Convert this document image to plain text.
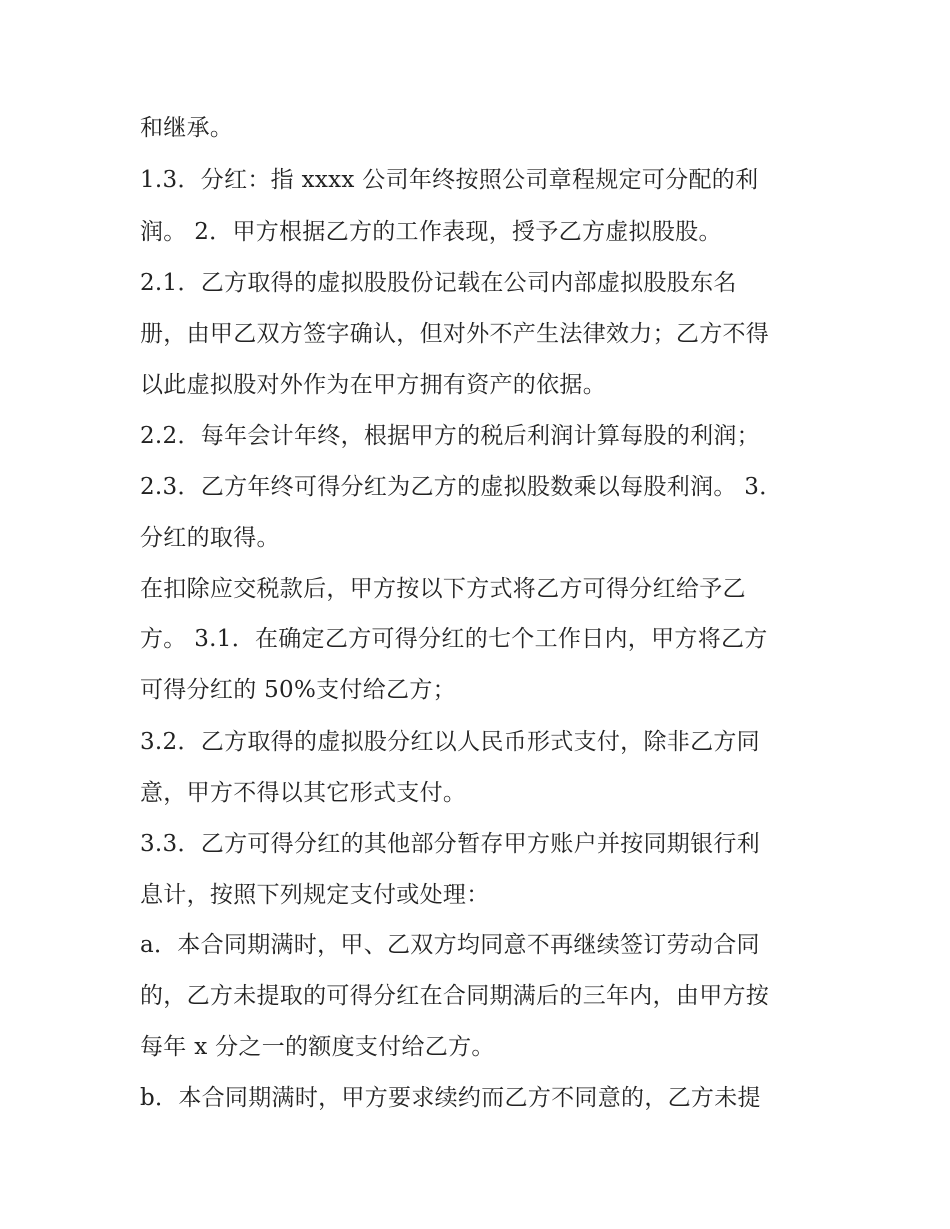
和继承。

1.3．分红：指 xxxx 公司年终按照公司章程规定可分配的利

润。 2．甲方根据乙方的工作表现，授予乙方虚拟股股。

2.1．乙方取得的虚拟股股份记载在公司内部虚拟股股东名

册，由甲乙双方签字确认，但对外不产生法律效力；乙方不得

以此虚拟股对外作为在甲方拥有资产的依据。

2.2．每年会计年终，根据甲方的税后利润计算每股的利润；

2.3．乙方年终可得分红为乙方的虚拟股数乘以每股利润。 3．

分红的取得。

在扣除应交税款后，甲方按以下方式将乙方可得分红给予乙

方。 3.1．在确定乙方可得分红的七个工作日内，甲方将乙方

可得分红的 50%支付给乙方；

3.2．乙方取得的虚拟股分红以人民币形式支付，除非乙方同

意，甲方不得以其它形式支付。

3.3．乙方可得分红的其他部分暂存甲方账户并按同期银行利

息计，按照下列规定支付或处理：

a．本合同期满时，甲、乙双方均同意不再继续签订劳动合同

的，乙方未提取的可得分红在合同期满后的三年内，由甲方按

每年 x 分之一的额度支付给乙方。

b．本合同期满时，甲方要求续约而乙方不同意的，乙方未提
